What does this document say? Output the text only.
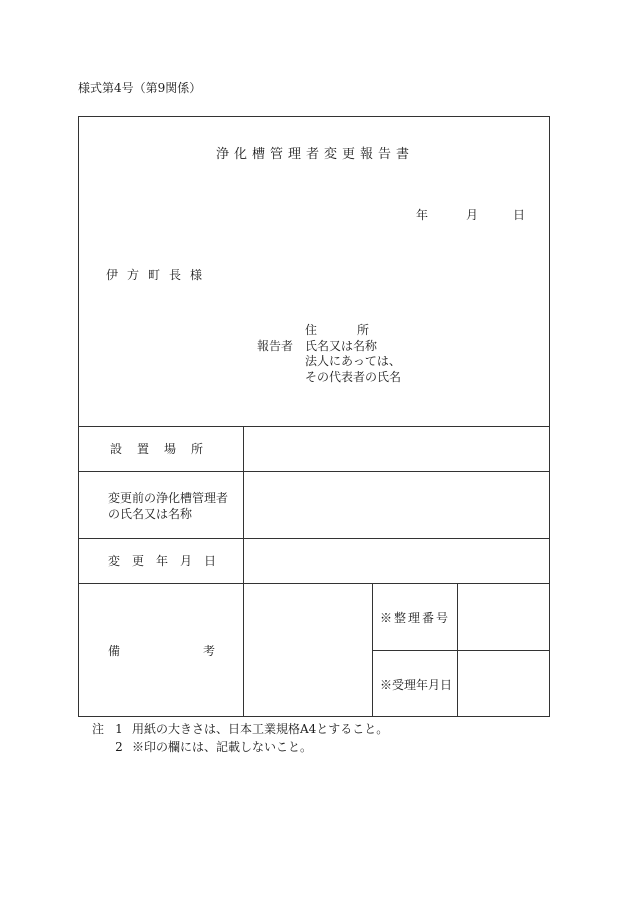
様式第4号（第9関係）
浄化槽管理者変更報告書
年	月	日
伊方町長様
報告者
住	所
氏名又は名称
法人にあっては、
その代表者の氏名
設置場所
変更前の浄化槽管理者の氏名又は名称
変更年月日
備	考
※整理番号
※受理年月日
注 1 用紙の大きさは、日本工業規格A4とすること。
2 ※印の欄には、記載しないこと。
